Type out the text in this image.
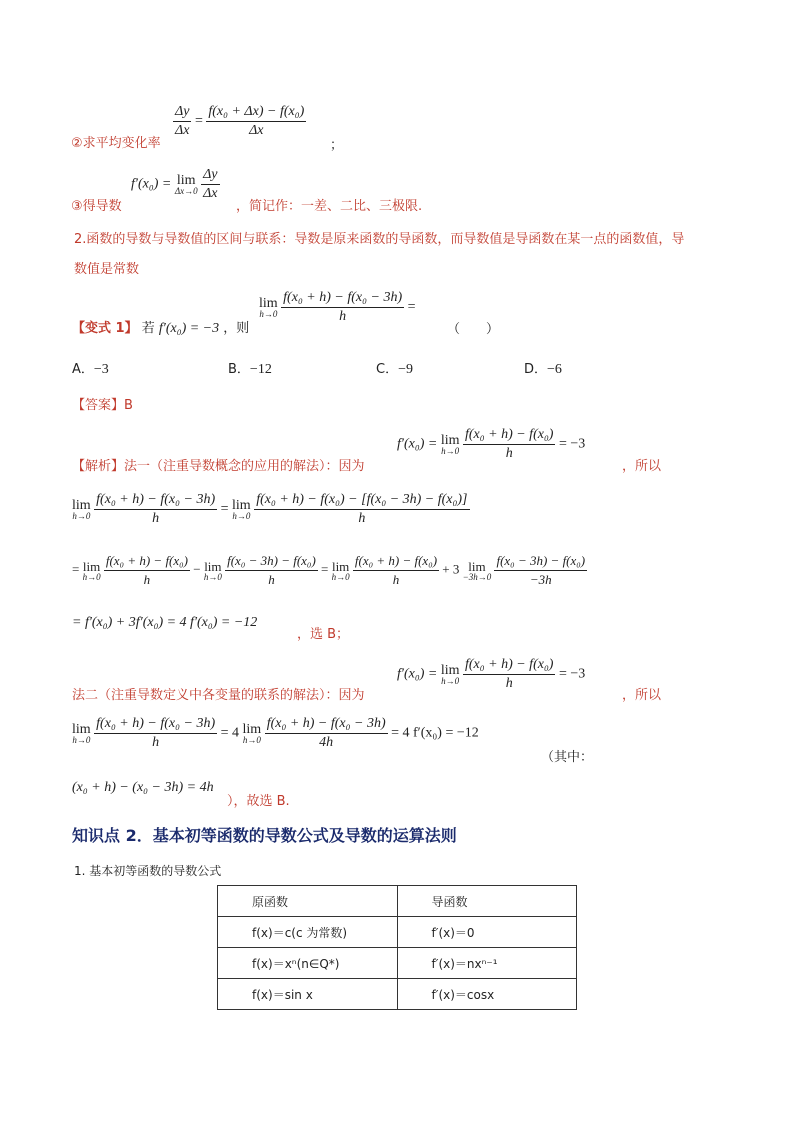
$\frac{\Delta y}{\Delta x} = \frac{\text{f(x₀ + Δx) − f(x₀)}}{\Delta x}$
②求平均变化率	；
③得导数
f′(x₀) = lim
Δx→0
$\frac{\Delta y}{\Delta x}$
，简记作：一差、二比、三极限.
2.函数的导数与导数值的区间与联系：导数是原来函数的导函数，而导数值是导函数在某一点的函数值，导
数值是常数
【变式 1】 若 f′(x₀) = −3 ，则
lim
h→0
$\frac{\text{f(x₀ + h) − f(x₀ − 3h)}}{h}$ =
（　　）
A．−3	B．−12	C．−9	D．−6
【答案】B
f′(x₀) = lim
h→0
$\frac{\text{f(x₀ + h) − f(x₀)}}{h} = -3$
【解析】法一（注重导数概念的应用的解法）：因为	，所以
lim
h→0
$\frac{\text{f(x₀ + h) − f(x₀ − 3h)}}{h} = \lim$
h→0
$\frac{\text{f(x₀ + h) − f(x₀) − [f(x₀ − 3h) − f(x₀)]}}{h}$
= lim
h→0
$\frac{\text{f(x₀ + h) − f(x₀)}}{h} - \lim$
h→0
$\frac{\text{f(x₀ − 3h) − f(x₀)}}{h} = \lim$
h→0
$\frac{\text{f(x₀ + h) − f(x₀)}}{h} + 3$ lim
−3h→0
$\frac{\text{f(x₀ − 3h) − f(x₀)}}{-3h}$
= f′(x₀) + 3f′(x₀) = 4 f′(x₀) = −12
，选 B；
f′(x₀) = lim
h→0
$\frac{\text{f(x₀ + h) − f(x₀)}}{h} = -3$
法二（注重导数定义中各变量的联系的解法）：因为	，所以
lim
h→0
$\frac{\text{f(x₀ + h) − f(x₀ − 3h)}}{h} = 4$ lim
h→0
$\frac{\text{f(x₀ + h) − f(x₀ − 3h)}}{4h} = 4$ f′(x₀) = −12
（其中：
(x₀ + h) − (x₀ − 3h) = 4h
），故选 B.
知识点 2．基本初等函数的导数公式及导数的运算法则
1. 基本初等函数的导数公式
原函数	导函数
f(x)＝c(c 为常数)	f′(x)＝0
f(x)＝xⁿ(n∈Q*)	f′(x)＝nxⁿ⁻¹
f(x)＝sin x	f′(x)＝cosx
